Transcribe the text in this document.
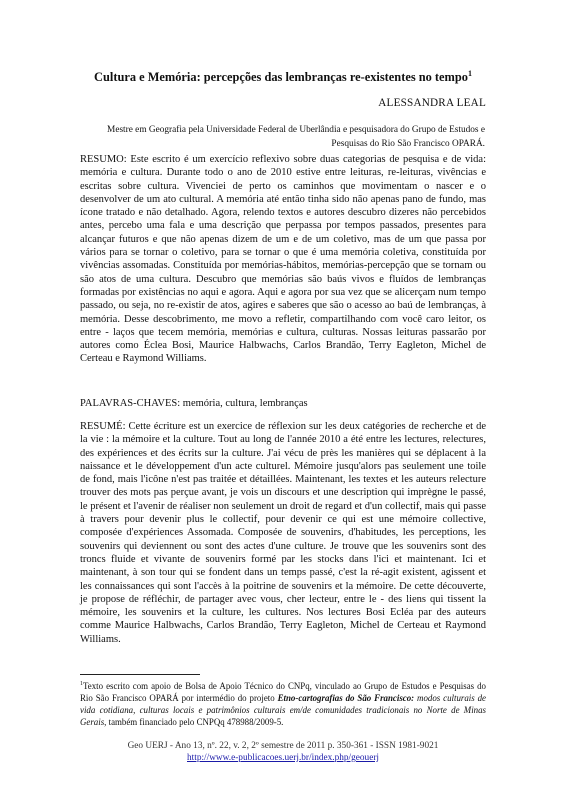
Cultura e Memória: percepções das lembranças re-existentes no tempo$^1$
ALESSANDRA LEAL
Mestre em Geografia pela Universidade Federal de Uberlândia e pesquisadora do Grupo de Estudos e
Pesquisas do Rio São Francisco OPARÁ.
RESUMO: Este escrito é um exercício reflexivo sobre duas categorias de pesquisa e de vida: memória e cultura. Durante todo o ano de 2010 estive entre leituras, re-leituras, vivências e escritas sobre cultura. Vivenciei de perto os caminhos que movimentam o nascer e o desenvolver de um ato cultural. A memória até então tinha sido não apenas pano de fundo, mas ícone tratado e não detalhado. Agora, relendo textos e autores descubro dizeres não percebidos antes, percebo uma fala e uma descrição que perpassa por tempos passados, presentes para alcançar futuros e que não apenas dizem de um e de um coletivo, mas de um que passa por vários para se tornar o coletivo, para se tornar o que é uma memória coletiva, constituída por vivências assomadas. Constituída por memórias-hábitos, memórias-percepção que se tornam ou são atos de uma cultura. Descubro que memórias são baús vivos e fluídos de lembranças formadas por existências no aqui e agora. Aqui e agora por sua vez que se alicerçam num tempo passado, ou seja, no re-existir de atos, agires e saberes que são o acesso ao baú de lembranças, à memória. Desse descobrimento, me movo a refletir, compartilhando com você caro leitor, os entre - laços que tecem memória, memórias e cultura, culturas. Nossas leituras passarão por autores como Éclea Bosi, Maurice Halbwachs, Carlos Brandão, Terry Eagleton, Michel de Certeau e Raymond Williams.
PALAVRAS-CHAVES: memória, cultura, lembranças
RESUMÉ: Cette écriture est un exercice de réflexion sur les deux catégories de recherche et de la vie : la mémoire et la culture. Tout au long de l'année 2010 a été entre les lectures, relectures, des expériences et des écrits sur la culture. J'ai vécu de près les manières qui se déplacent à la naissance et le développement d'un acte culturel. Mémoire jusqu'alors pas seulement une toile de fond, mais l'icône n'est pas traitée et détaillées. Maintenant, les textes et les auteurs relecture trouver des mots pas perçue avant, je vois un discours et une description qui imprègne le passé, le présent et l'avenir de réaliser non seulement un droit de regard et d'un collectif, mais qui passe à travers pour devenir plus le collectif, pour devenir ce qui est une mémoire collective, composée d'expériences Assomada. Composée de souvenirs, d'habitudes, les perceptions, les souvenirs qui deviennent ou sont des actes d'une culture. Je trouve que les souvenirs sont des troncs fluide et vivante de souvenirs formé par les stocks dans l'ici et maintenant. Ici et maintenant, à son tour qui se fondent dans un temps passé, c'est la ré-agit existent, agissent et les connaissances qui sont l'accès à la poitrine de souvenirs et la mémoire. De cette découverte, je propose de réfléchir, de partager avec vous, cher lecteur, entre le - des liens qui tissent la mémoire, les souvenirs et la culture, les cultures. Nos lectures Bosi Ecléa par des auteurs comme Maurice Halbwachs, Carlos Brandão, Terry Eagleton, Michel de Certeau et Raymond Williams.
$^1$Texto escrito com apoio de Bolsa de Apoio Técnico do CNPq, vinculado ao Grupo de Estudos e Pesquisas do Rio São Francisco OPARÁ por intermédio do projeto Etno-cartografias do São Francisco: modos culturais de vida cotidiana, culturas locais e patrimônios culturais em/de comunidades tradicionais no Norte de Minas Gerais, também financiado pelo CNPQq 478988/2009-5.
Geo UERJ - Ano 13, nº. 22, v. 2, 2º semestre de 2011 p. 350-361 - ISSN 1981-9021
http://www.e-publicacoes.uerj.br/index.php/geouerj
